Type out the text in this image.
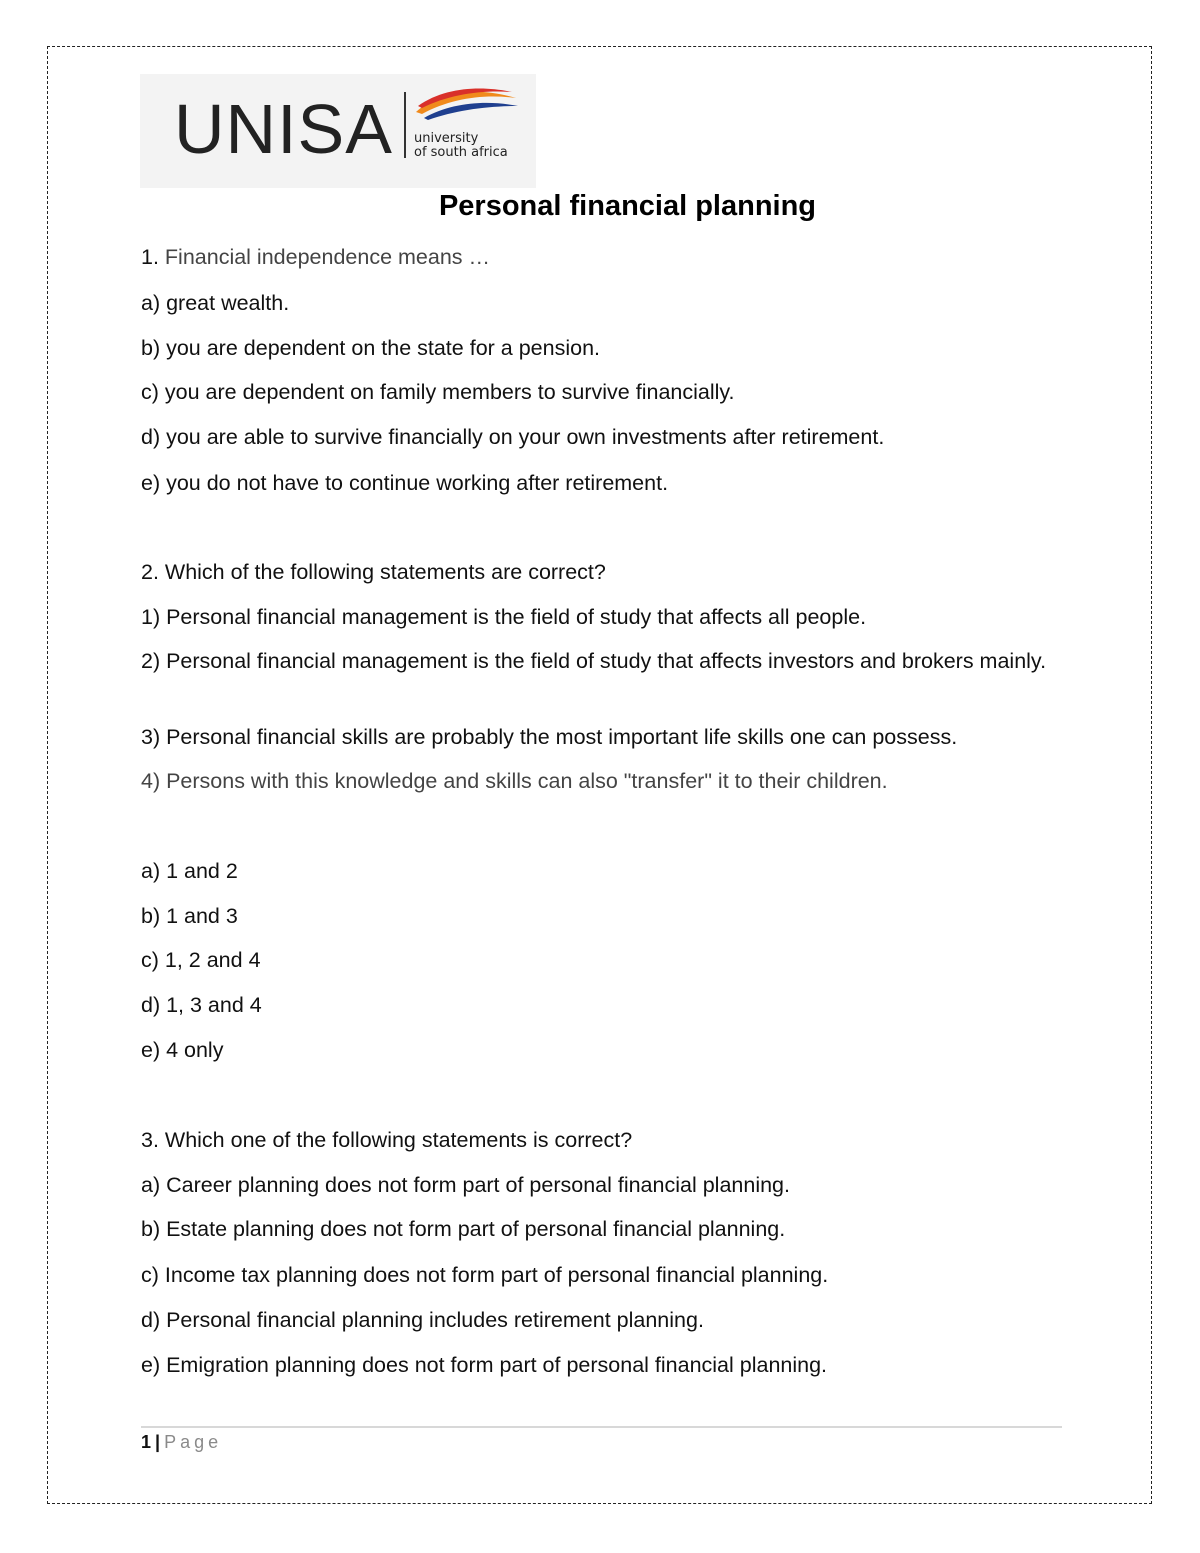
UNISA university
of south africa
Personal financial planning
1. Financial independence means …
a) great wealth.
b) you are dependent on the state for a pension.
c) you are dependent on family members to survive financially.
d) you are able to survive financially on your own investments after retirement.
e) you do not have to continue working after retirement.
2. Which of the following statements are correct?
1) Personal financial management is the field of study that affects all people.
2) Personal financial management is the field of study that affects investors and brokers mainly.
3) Personal financial skills are probably the most important life skills one can possess.
4) Persons with this knowledge and skills can also "transfer" it to their children.
a) 1 and 2
b) 1 and 3
c) 1, 2 and 4
d) 1, 3 and 4
e) 4 only
3. Which one of the following statements is correct?
a) Career planning does not form part of personal financial planning.
b) Estate planning does not form part of personal financial planning.
c) Income tax planning does not form part of personal financial planning.
d) Personal financial planning includes retirement planning.
e) Emigration planning does not form part of personal financial planning.
1 | Page
